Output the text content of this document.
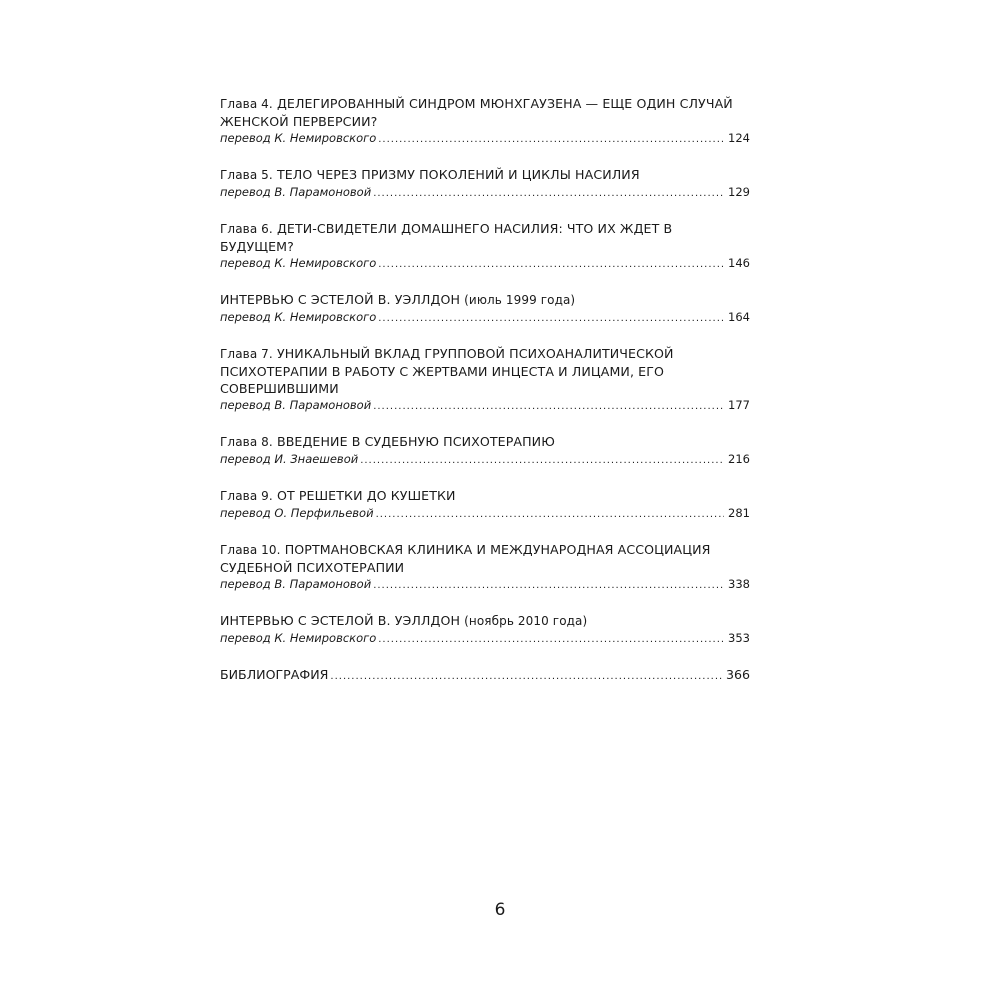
Глава 4. ДЕЛЕГИРОВАННЫЙ СИНДРОМ МЮНХГАУЗЕНА — ЕЩЕ ОДИН СЛУЧАЙ ЖЕНСКОЙ ПЕРВЕРСИИ?
перевод К. Немировского .....	124
Глава 5. ТЕЛО ЧЕРЕЗ ПРИЗМУ ПОКОЛЕНИЙ И ЦИКЛЫ НАСИЛИЯ
перевод В. Парамоновой .....	129
Глава 6. ДЕТИ-СВИДЕТЕЛИ ДОМАШНЕГО НАСИЛИЯ: ЧТО ИХ ЖДЕТ В БУДУЩЕМ?
перевод К. Немировского .....	146
ИНТЕРВЬЮ С ЭСТЕЛОЙ В. УЭЛЛДОН (июль 1999 года)
перевод К. Немировского .....	164
Глава 7. УНИКАЛЬНЫЙ ВКЛАД ГРУППОВОЙ ПСИХОАНАЛИТИЧЕСКОЙ ПСИХОТЕРАПИИ В РАБОТУ С ЖЕРТВАМИ ИНЦЕСТА И ЛИЦАМИ, ЕГО СОВЕРШИВШИМИ
перевод В. Парамоновой .....	177
Глава 8. ВВЕДЕНИЕ В СУДЕБНУЮ ПСИХОТЕРАПИЮ
перевод И. Знаешевой .....	216
Глава 9. ОТ РЕШЕТКИ ДО КУШЕТКИ
перевод О. Перфильевой .....	281
Глава 10. ПОРТМАНОВСКАЯ КЛИНИКА И МЕЖДУНАРОДНАЯ АССОЦИАЦИЯ СУДЕБНОЙ ПСИХОТЕРАПИИ
перевод В. Парамоновой .....	338
ИНТЕРВЬЮ С ЭСТЕЛОЙ В. УЭЛЛДОН (ноябрь 2010 года)
перевод К. Немировского .....	353
БИБЛИОГРАФИЯ .....	366
6
